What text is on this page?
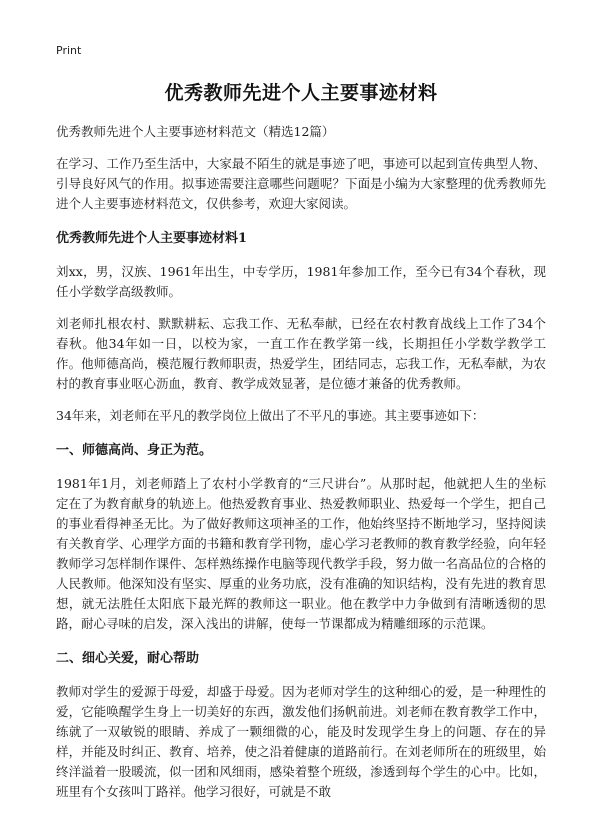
Print
优秀教师先进个人主要事迹材料
优秀教师先进个人主要事迹材料范文（精选12篇）

在学习、工作乃至生活中，大家最不陌生的就是事迹了吧，事迹可以起到宣传典型人物、引导良好风气的作用。拟事迹需要注意哪些问题呢？下面是小编为大家整理的优秀教师先进个人主要事迹材料范文，仅供参考，欢迎大家阅读。

优秀教师先进个人主要事迹材料1

刘xx，男，汉族、1961年出生，中专学历，1981年参加工作，至今已有34个春秋，现任小学数学高级教师。

刘老师扎根农村、默默耕耘、忘我工作、无私奉献，已经在农村教育战线上工作了34个春秋。他34年如一日，以校为家，一直工作在教学第一线，长期担任小学数学教学工作。他师德高尚，模范履行教师职责，热爱学生，团结同志，忘我工作，无私奉献，为农村的教育事业呕心沥血，教育、教学成效显著，是位德才兼备的优秀教师。

34年来，刘老师在平凡的教学岗位上做出了不平凡的事迹。其主要事迹如下：

一、师德高尚、身正为范。

1981年1月，刘老师踏上了农村小学教育的“三尺讲台”。从那时起，他就把人生的坐标定在了为教育献身的轨迹上。他热爱教育事业、热爱教师职业、热爱每一个学生，把自己的事业看得神圣无比。为了做好教师这项神圣的工作，他始终坚持不断地学习，坚持阅读有关教育学、心理学方面的书籍和教育学刊物，虚心学习老教师的教育教学经验，向年轻教师学习怎样制作课件、怎样熟练操作电脑等现代教学手段，努力做一名高品位的合格的人民教师。他深知没有坚实、厚重的业务功底，没有准确的知识结构，没有先进的教育思想，就无法胜任太阳底下最光辉的教师这一职业。他在教学中力争做到有清晰透彻的思路，耐心寻味的启发，深入浅出的讲解，使每一节课都成为精雕细琢的示范课。

二、细心关爱，耐心帮助

教师对学生的爱源于母爱，却盛于母爱。因为老师对学生的这种细心的爱，是一种理性的爱，它能唤醒学生身上一切美好的东西，激发他们扬帆前进。刘老师在教育教学工作中，练就了一双敏锐的眼睛、养成了一颗细微的心，能及时发现学生身上的问题、存在的异样，并能及时纠正、教育、培养，使之沿着健康的道路前行。在刘老师所在的班级里，始终洋溢着一股暖流，似一团和风细雨，感染着整个班级，渗透到每个学生的心中。比如，班里有个女孩叫丁路祥。他学习很好，可就是不敢
